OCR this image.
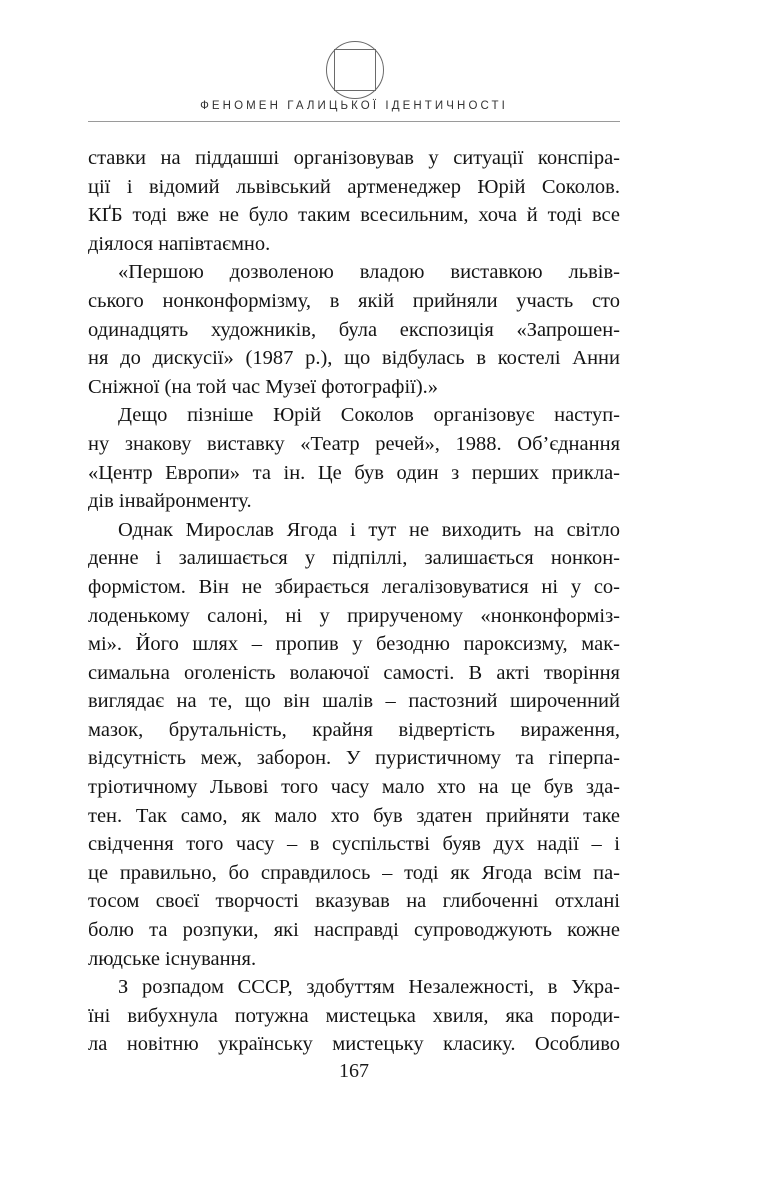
ФЕНОМЕН ГАЛИЦЬКОЇ ІДЕНТИЧНОСТІ
ставки на піддашші організовував у ситуації конспіра-
ції і відомий львівський артменеджер Юрій Соколов.
КҐБ тоді вже не було таким всесильним, хоча й тоді все
діялося напівтаємно.
«Першою дозволеною владою виставкою львів-
ського нонконформізму, в якій прийняли участь сто
одинадцять художників, була експозиція «Запрошен-
ня до дискусії» (1987 р.), що відбулась в костелі Анни
Сніжної (на той час Музеї фотографії).»
Дещо пізніше Юрій Соколов організовує наступ-
ну знакову виставку «Театр речей», 1988. Об’єднання
«Центр Европи» та ін. Це був один з перших прикла-
дів інвайронменту.
Однак Мирослав Ягода і тут не виходить на світло
денне і залишається у підпіллі, залишається нонкон-
формістом. Він не збирається легалізовуватися ні у со-
лоденькому салоні, ні у прирученому «нонконформіз-
мі». Його шлях – пропив у безодню пароксизму, мак-
симальна оголеність волаючої самості. В акті творіння
виглядає на те, що він шалів – пастозний широченний
мазок, брутальність, крайня відвертість вираження,
відсутність меж, заборон. У пуристичному та гіперпа-
тріотичному Львові того часу мало хто на це був зда-
тен. Так само, як мало хто був здатен прийняти таке
свідчення того часу – в суспільстві буяв дух надії – і
це правильно, бо справдилось – тоді як Ягода всім па-
тосом своєї творчості вказував на глибоченні отхлані
болю та розпуки, які насправді супроводжують кожне
людське існування.
З розпадом СССР, здобуттям Незалежності, в Укра-
їні вибухнула потужна мистецька хвиля, яка породи-
ла новітню українську мистецьку класику. Особливо
167
